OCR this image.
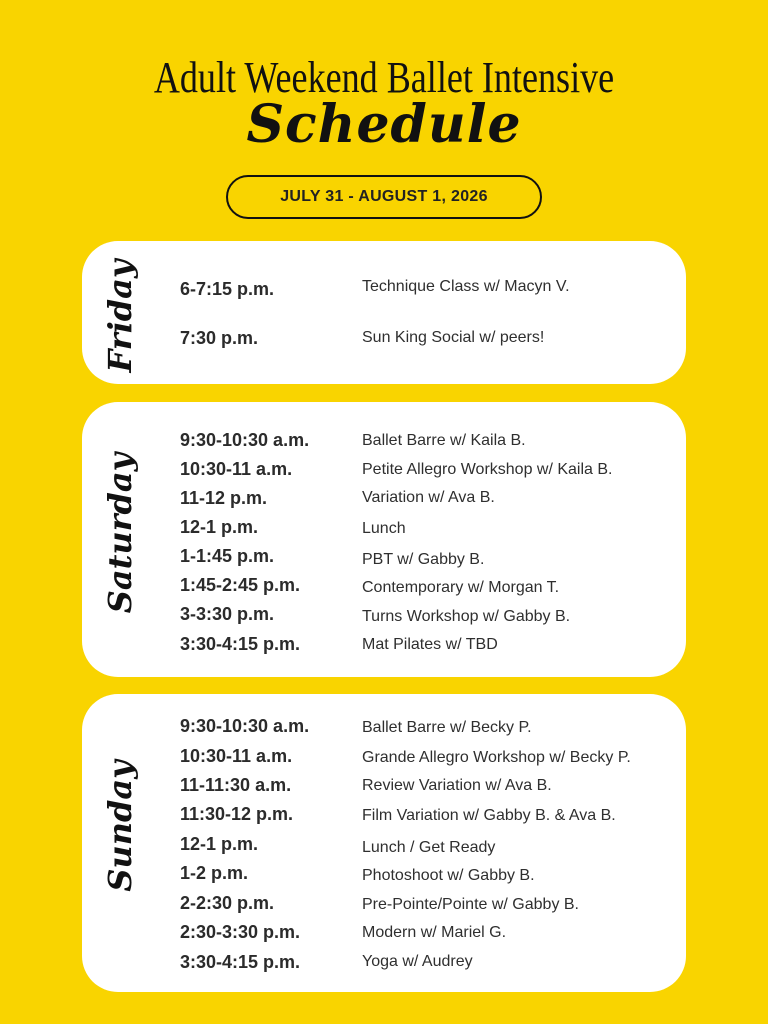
Adult Weekend Ballet Intensive
Schedule
JULY 31 - AUGUST 1, 2026
Friday 6-7:15 p.m.	Technique Class w/ Macyn V.
7:30 p.m.	Sun King Social w/ peers!
Saturday
9:30-10:30 a.m.	Ballet Barre w/ Kaila B.
10:30-11 a.m.	Petite Allegro Workshop w/ Kaila B.
11-12 p.m.	Variation w/ Ava B.
12-1 p.m.	Lunch
1-1:45 p.m.	PBT w/ Gabby B.
1:45-2:45 p.m.	Contemporary w/ Morgan T.
3-3:30 p.m.	Turns Workshop w/ Gabby B.
3:30-4:15 p.m.	Mat Pilates w/ TBD
Sunday
9:30-10:30 a.m.	Ballet Barre w/ Becky P.
10:30-11 a.m.	Grande Allegro Workshop w/ Becky P.
11-11:30 a.m.	Review Variation w/ Ava B.
11:30-12 p.m.	Film Variation w/ Gabby B. & Ava B.
12-1 p.m.	Lunch / Get Ready
1-2 p.m.	Photoshoot w/ Gabby B.
2-2:30 p.m.	Pre-Pointe/Pointe w/ Gabby B.
2:30-3:30 p.m.	Modern w/ Mariel G.
3:30-4:15 p.m.	Yoga w/ Audrey
